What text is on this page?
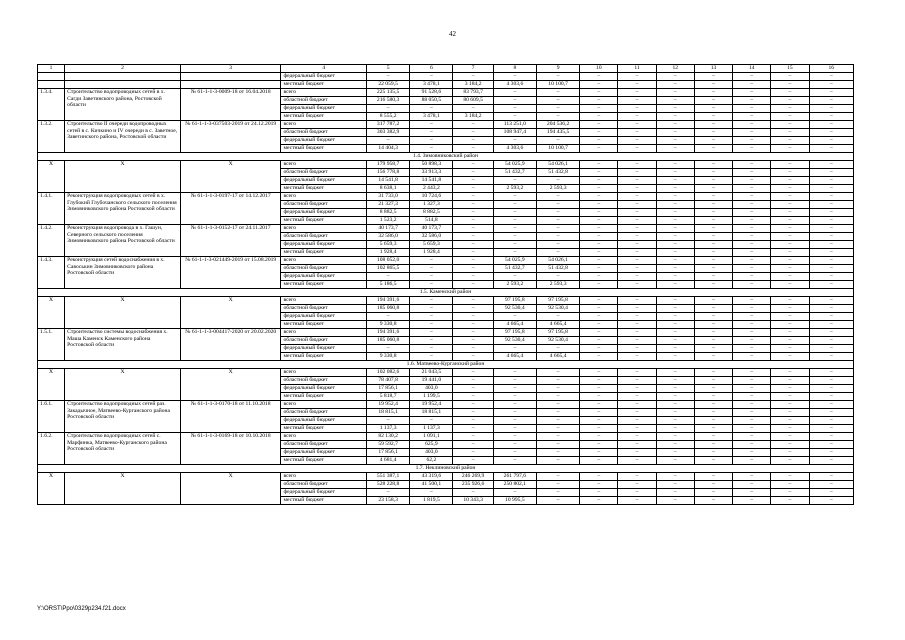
42
1	2	3	4	5	6	7	8	9	10	11	12	13	14	15	16
			федеральный бюджет	–	–	–	–	–	–	–	–	–	–	–	–
			местный бюджет	22 059,5	3 478,1	3 184,2	4 303,6	10 100,7	–	–	–	–	–	–	–
1.3.4.	Строительство водопроводных сетей в х. Сагди Заветинского района, Ростовской области	№ 61-1-1-3-0009-18 от 16.04.2018	всего	225 135,5	91 528,6	83 793,7	–	–	–	–	–	–	–	–	–
			областной бюджет	216 580,3	88 050,5	80 609,5	–	–	–	–	–	–	–	–	–
			федеральный бюджет	–	–	–	–	–	–	–	–	–	–	–	–
			местный бюджет	8 555,2	3 478,1	3 184,2	–	–	–	–	–	–	–	–	–
1.3.2.	Строительство II очереди водопроводных сетей в с. Кичкино и IV очереди в с. Заветное, Заветинского района, Ростовской области	№ 61-1-1-3-037503-2019 от 24.12.2019	всего	317 787,2	–	–	113 251,0	204 536,2	–	–	–	–	–	–	–
			областной бюджет	303 382,9	–	–	108 947,4	194 435,5	–	–	–	–	–	–	–
			федеральный бюджет	–	–	–	–	–	–	–	–	–	–	–	–
			местный бюджет	14 404,3	–	–	4 303,6	10 100,7	–	–	–	–	–	–	–
1.4. Зимовниковский район															
Х	Х	Х	всего	179 958,7	50 898,3	–	54 025,9	54 026,1	–	–	–	–	–	–	–
			областной бюджет	156 778,8	33 913,3	–	51 432,7	51 432,8	–	–	–	–	–	–	–
			федеральный бюджет	14 541,8	14 541,8	–	–	–	–	–	–	–	–	–	–
			местный бюджет	8 638,1	2 443,2	–	2 593,2	2 593,3	–	–	–	–	–	–	–
1.4.1.	Реконструкция водопроводных сетей в х. Глубокий Глубочанского сельского поселения Зимовниковского района Ростовской области	№ 61-1-1-3-0197-17 от 14.12.2017	всего	31 733,0	10 724,6	–	–	–	–	–	–	–	–	–	–
			областной бюджет	21 327,3	1 327,3	–	–	–	–	–	–	–	–	–	–
			федеральный бюджет	8 882,5	8 882,5	–	–	–	–	–	–	–	–	–	–
			местный бюджет	1 523,2	514,8	–	–	–	–	–	–	–	–	–	–
1.4.2.	Реконструкция водопровода в х. Гашун, Северного сельского поселения Зимовниковского района Ростовской области	№ 61-1-1-3-0152-17 от 24.11.2017	всего	40 173,7	40 173,7	–	–	–	–	–	–	–	–	–	–
			областной бюджет	32 586,0	32 586,0	–	–	–	–	–	–	–	–	–	–
			федеральный бюджет	5 659,3	5 659,3	–	–	–	–	–	–	–	–	–	–
			местный бюджет	1 928,4	1 928,4	–	–	–	–	–	–	–	–	–	–
1.4.3.	Реконструкция сетей водоснабжения в х. Савоськин Зимовниковского района Ростовской области	№ 61-1-1-3-021449-2019 от 15.08.2019	всего	108 052,0	–	–	54 025,9	54 026,1	–	–	–	–	–	–	–
			областной бюджет	102 865,5	–	–	51 432,7	51 432,8	–	–	–	–	–	–	–
			федеральный бюджет	–	–	–	–	–	–	–	–	–	–	–	–
			местный бюджет	5 186,5	–	–	2 593,2	2 593,3	–	–	–	–	–	–	–
1.5. Каменский район															
Х	Х	Х	всего	194 391,6	–	–	97 195,8	97 195,8	–	–	–	–	–	–	–
			областной бюджет	185 060,8	–	–	92 530,4	92 530,4	–	–	–	–	–	–	–
			федеральный бюджет	–	–	–	–	–	–	–	–	–	–	–	–
			местный бюджет	9 330,8	–	–	4 665,4	4 665,4	–	–	–	–	–	–	–
1.5.1.	Строительство системы водоснабжения х. Маша Каменск Каменского района Ростовской области	№ 61-1-1-3-004417-2020 от 20.02.2020	всего	194 391,6	–	–	97 195,8	97 195,8	–	–	–	–	–	–	–
			областной бюджет	185 060,8	–	–	92 530,4	92 530,4	–	–	–	–	–	–	–
			федеральный бюджет	–	–	–	–	–	–	–	–	–	–	–	–
			местный бюджет	9 330,8	–	–	4 665,4	4 665,4	–	–	–	–	–	–	–
1.6. Матвеево-Курганский район															
Х	Х	Х	всего	102 082,6	21 043,5	–	–	–	–	–	–	–	–	–	–
			областной бюджет	78 407,8	19 441,0	–	–	–	–	–	–	–	–	–	–
			федеральный бюджет	17 856,1	403,0	–	–	–	–	–	–	–	–	–	–
			местный бюджет	5 818,7	1 199,5	–	–	–	–	–	–	–	–	–	–
1.6.1.	Строительство водопроводных сетей раз. Закадычное, Матвеево-Курганского района Ростовской области	№ 61-1-1-3-0170-18 от 11.10.2018	всего	19 952,4	19 952,4	–	–	–	–	–	–	–	–	–	–
			областной бюджет	18 815,1	18 815,1	–	–	–	–	–	–	–	–	–	–
			федеральный бюджет	–	–	–	–	–	–	–	–	–	–	–	–
			местный бюджет	1 137,3	1 137,3	–	–	–	–	–	–	–	–	–	–
1.6.2.	Строительство водопроводных сетей с. Марфинка, Матвеево-Курганского района Ростовской области	№ 61-1-1-3-0169-18 от 10.10.2018	всего	82 130,2	1 091,1	–	–	–	–	–	–	–	–	–	–
			областной бюджет	59 592,7	625,9	–	–	–	–	–	–	–	–	–	–
			федеральный бюджет	17 856,1	403,0	–	–	–	–	–	–	–	–	–	–
			местный бюджет	4 681,4	62,2	–	–	–	–	–	–	–	–	–	–
1.7. Неклиновский район															
Х	Х	Х	всего	551 387,1	43 319,6	246 269,9	261 797,6	–	–	–	–	–	–	–	–
			областной бюджет	528 228,8	41 500,1	235 926,6	250 802,1	–	–	–	–	–	–	–	–
			федеральный бюджет	–	–	–	–	–	–	–	–	–	–	–	–
			местный бюджет	23 158,3	1 819,5	10 343,3	10 995,5	–	–	–	–	–	–	–	–
Y:\ORST\Ppo\0329p234.f21.docx
